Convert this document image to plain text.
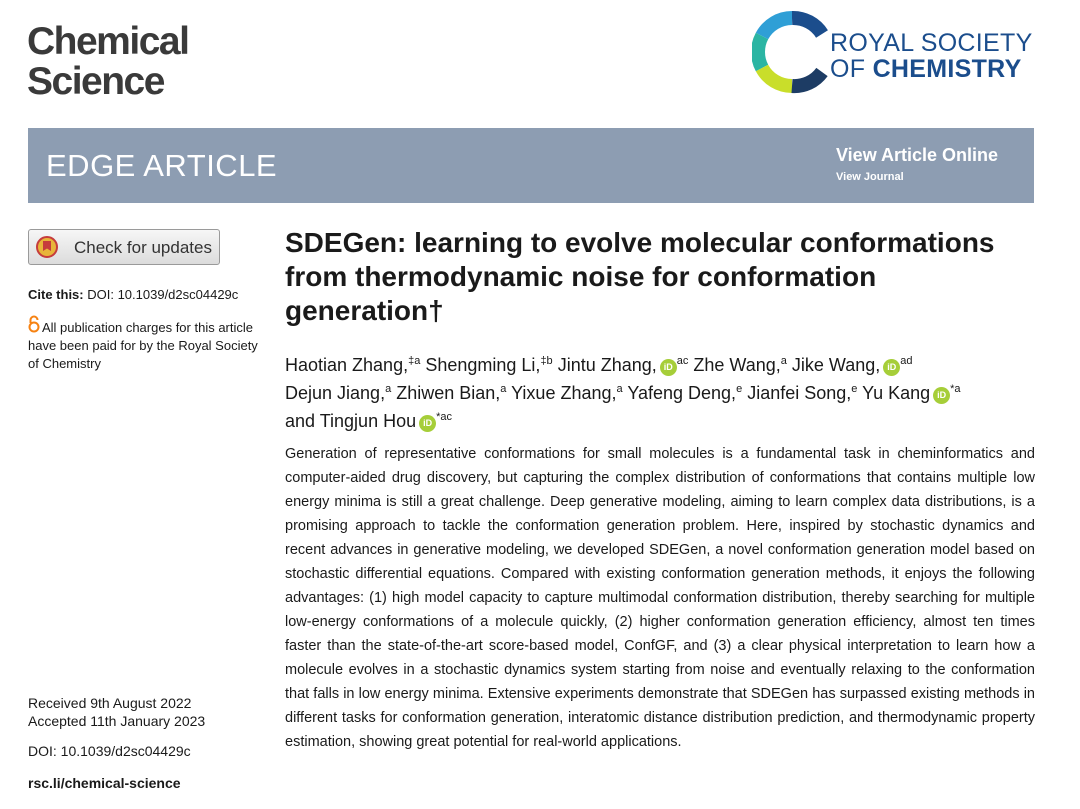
Chemical
Science
ROYAL SOCIETY
OF CHEMISTRY
EDGE ARTICLE	View Article Online
View Journal
Check for updates
Cite this: DOI: 10.1039/d2sc04429c
All publication charges for this article have been paid for by the Royal Society of Chemistry
Received 9th August 2022
Accepted 11th January 2023
DOI: 10.1039/d2sc04429c
rsc.li/chemical-science
SDEGen: learning to evolve molecular conformations from thermodynamic noise for conformation generation†
Haotian Zhang,$^{\ddagger a}$ Shengming Li,$^{\ddagger b}$ Jintu Zhang, iD $^{ac}$ Zhe Wang,$^a$ Jike Wang, iD $^{ad}$
Dejun Jiang,$^a$ Zhiwen Bian,$^a$ Yixue Zhang,$^a$ Yafeng Deng,$^e$ Jianfei Song,$^e$ Yu Kang iD $^{*a}$
and Tingjun Hou iD $^{*ac}$
Generation of representative conformations for small molecules is a fundamental task in cheminformatics and computer-aided drug discovery, but capturing the complex distribution of conformations that contains multiple low energy minima is still a great challenge. Deep generative modeling, aiming to learn complex data distributions, is a promising approach to tackle the conformation generation problem. Here, inspired by stochastic dynamics and recent advances in generative modeling, we developed SDEGen, a novel conformation generation model based on stochastic differential equations. Compared with existing conformation generation methods, it enjoys the following advantages: (1) high model capacity to capture multimodal conformation distribution, thereby searching for multiple low-energy conformations of a molecule quickly, (2) higher conformation generation efficiency, almost ten times faster than the state-of-the-art score-based model, ConfGF, and (3) a clear physical interpretation to learn how a molecule evolves in a stochastic dynamics system starting from noise and eventually relaxing to the conformation that falls in low energy minima. Extensive experiments demonstrate that SDEGen has surpassed existing methods in different tasks for conformation generation, interatomic distance distribution prediction, and thermodynamic property estimation, showing great potential for real-world applications.
